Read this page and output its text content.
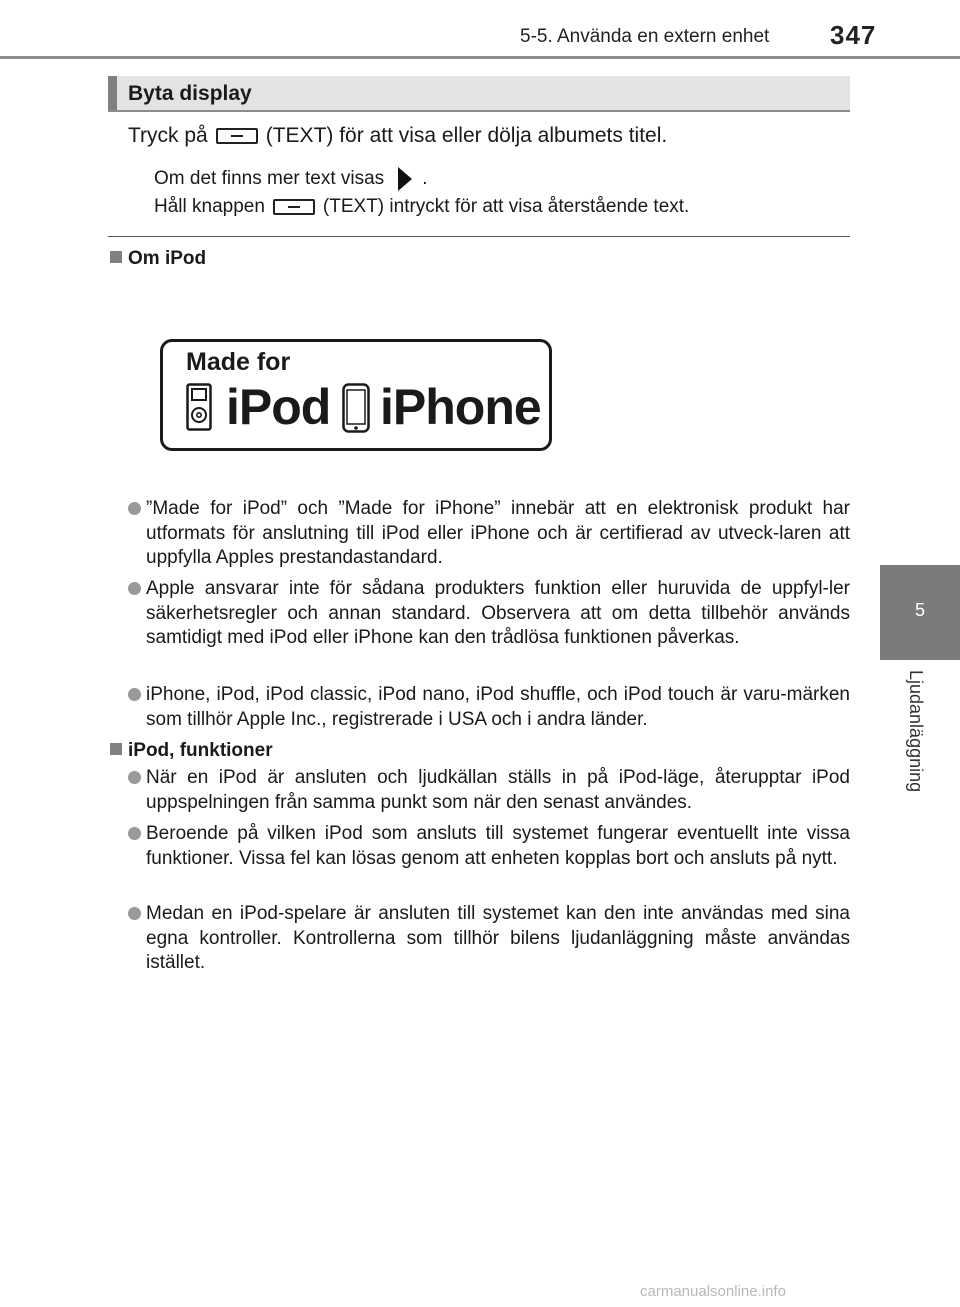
5-5. Använda en extern enhet 347
5
Ljudanläggning
Byta display
Tryck på	(TEXT) för att visa eller dölja albumets titel.
Om det finns mer text visas .
Håll knappen	(TEXT) intryckt för att visa återstående text.
Om iPod
Made for
iPod iPhone
”Made for iPod” och ”Made for iPhone” innebär att en elektronisk produkt har utformats för anslutning till iPod eller iPhone och är certifierad av utveck-laren att uppfylla Apples prestandastandard.
Apple ansvarar inte för sådana produkters funktion eller huruvida de uppfyl-ler säkerhetsregler och annan standard. Observera att om detta tillbehör används samtidigt med iPod eller iPhone kan den trådlösa funktionen påverkas.
iPhone, iPod, iPod classic, iPod nano, iPod shuffle, och iPod touch är varu-märken som tillhör Apple Inc., registrerade i USA och i andra länder.
iPod, funktioner
När en iPod är ansluten och ljudkällan ställs in på iPod-läge, återupptar iPod uppspelningen från samma punkt som när den senast användes.
Beroende på vilken iPod som ansluts till systemet fungerar eventuellt inte vissa funktioner. Vissa fel kan lösas genom att enheten kopplas bort och ansluts på nytt.
Medan en iPod-spelare är ansluten till systemet kan den inte användas med sina egna kontroller. Kontrollerna som tillhör bilens ljudanläggning måste användas istället.
carmanualsonline.info
